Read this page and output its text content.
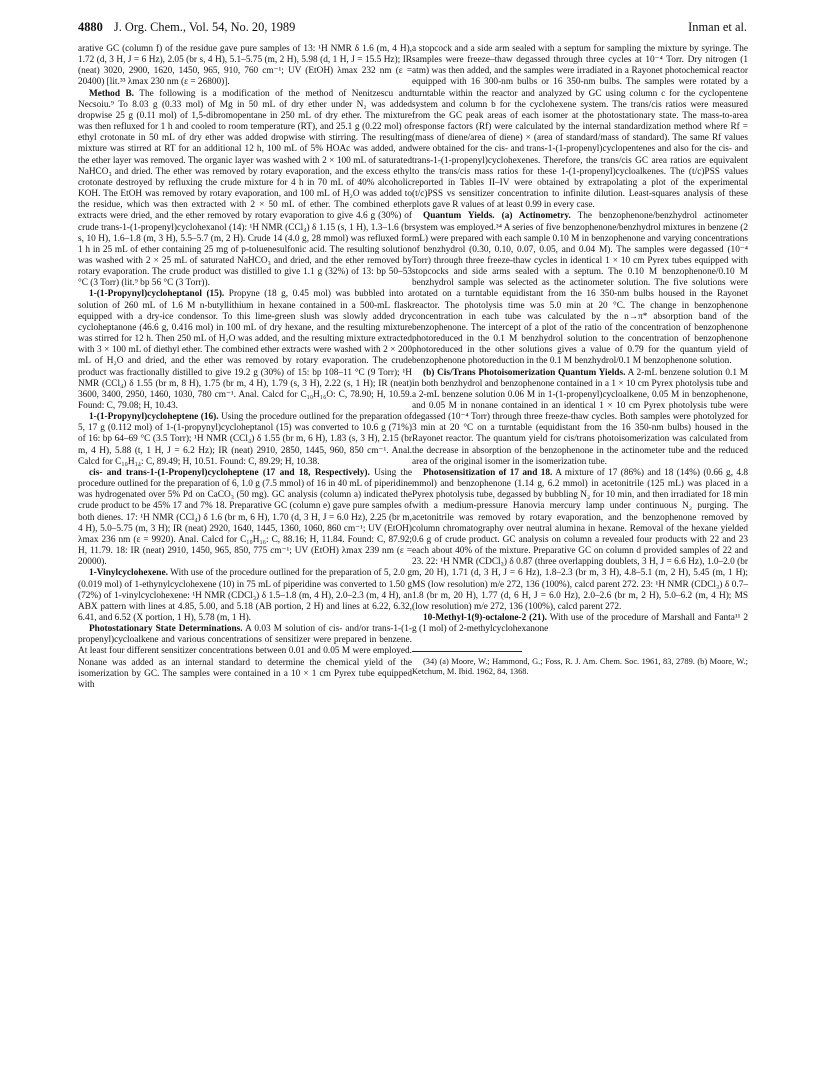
4880 J. Org. Chem., Vol. 54, No. 20, 1989	Inman et al.

arative GC (column f) of the residue gave pure samples of 13: ¹H NMR δ 1.6 (m, 4 H), 1.72 (d, 3 H, J = 6 Hz), 2.05 (br s, 4 H), 5.1–5.75 (m, 2 H), 5.98 (d, 1 H, J = 15.5 Hz); IR (neat) 3020, 2900, 1620, 1450, 965, 910, 760 cm⁻¹; UV (EtOH) λmax 232 nm (ε = 20400) [lit.³³ λmax 230 nm (ε = 26800)].

Method B. The following is a modification of the method of Nenitzescu and Necsoiu.⁹ To 8.03 g (0.33 mol) of Mg in 50 mL of dry ether under N₂ was added dropwise 25 g (0.11 mol) of 1,5-dibromopentane in 250 mL of dry ether. The mixture was then refluxed for 1 h and cooled to room temperature (RT), and 25.1 g (0.22 mol) of ethyl crotonate in 50 mL of dry ether was added dropwise with stirring. The resulting mixture was stirred at RT for an additional 12 h, 100 mL of 5% HOAc was added, and the ether layer was removed. The organic layer was washed with 2 × 100 mL of saturated NaHCO₃ and dried. The ether was removed by rotary evaporation, and the excess ethyl crotonate destroyed by refluxing the crude mixture for 4 h in 70 mL of 40% alcoholic KOH. The EtOH was removed by rotary evaporation, and 100 mL of H₂O was added to the residue, which was then extracted with 2 × 50 mL of ether. The combined ether extracts were dried, and the ether removed by rotary evaporation to give 4.6 g (30%) of crude trans-1-(1-propenyl)cyclohexanol (14): ¹H NMR (CCl₄) δ 1.15 (s, 1 H), 1.3–1.6 (br s, 10 H), 1.6–1.8 (m, 3 H), 5.5–5.7 (m, 2 H). Crude 14 (4.0 g, 28 mmol) was refluxed for 1 h in 25 mL of ether containing 25 mg of p-toluenesulfonic acid. The resulting solution was washed with 2 × 25 mL of saturated NaHCO₃ and dried, and the ether removed by rotary evaporation. The crude product was distilled to give 1.1 g (32%) of 13: bp 50–53 °C (3 Torr) (lit.⁹ bp 56 °C (3 Torr)).

1-(1-Propynyl)cycloheptanol (15). Propyne (18 g, 0.45 mol) was bubbled into a solution of 260 mL of 1.6 M n-butyllithium in hexane contained in a 500-mL flask equipped with a dry-ice condensor. To this lime-green slush was slowly added dry cycloheptanone (46.6 g, 0.416 mol) in 100 mL of dry hexane, and the resulting mixture was stirred for 12 h. Then 250 mL of H₂O was added, and the resulting mixture extracted with 3 × 100 mL of diethyl ether. The combined ether extracts were washed with 2 × 200 mL of H₂O and dried, and the ether was removed by rotary evaporation. The crude product was fractionally distilled to give 19.2 g (30%) of 15: bp 108–11 °C (9 Torr); ¹H NMR (CCl₄) δ 1.55 (br m, 8 H), 1.75 (br m, 4 H), 1.79 (s, 3 H), 2.22 (s, 1 H); IR (neat) 3600, 3400, 2950, 1460, 1030, 780 cm⁻¹. Anal. Calcd for C₁₀H₁₆O: C, 78.90; H, 10.59. Found: C, 79.08; H, 10.43.

1-(1-Propynyl)cycloheptene (16). Using the procedure outlined for the preparation of 5, 17 g (0.112 mol) of 1-(1-propynyl)cycloheptanol (15) was converted to 10.6 g (71%) of 16: bp 64–69 °C (3.5 Torr); ¹H NMR (CCl₄) δ 1.55 (br m, 6 H), 1.83 (s, 3 H), 2.15 (br m, 4 H), 5.88 (t, 1 H, J = 6.2 Hz); IR (neat) 2910, 2850, 1445, 960, 850 cm⁻¹. Anal. Calcd for C₁₀H₁₄: C, 89.49; H, 10.51. Found: C, 89.29; H, 10.38.

cis- and trans-1-(1-Propenyl)cycloheptene (17 and 18, Respectively). Using the procedure outlined for the preparation of 6, 1.0 g (7.5 mmol) of 16 in 40 mL of piperidine was hydrogenated over 5% Pd on CaCO₃ (50 mg). GC analysis (column a) indicated the crude product to be 45% 17 and 7% 18. Preparative GC (column e) gave pure samples of both dienes. 17: ¹H NMR (CCl₄) δ 1.6 (br m, 6 H), 1.70 (d, 3 H, J = 6.0 Hz), 2.25 (br m, 4 H), 5.0–5.75 (m, 3 H); IR (neat) 2920, 1640, 1445, 1360, 1060, 860 cm⁻¹; UV (EtOH) λmax 236 nm (ε = 9920). Anal. Calcd for C₁₀H₁₆: C, 88.16; H, 11.84. Found: C, 87.92; H, 11.79. 18: IR (neat) 2910, 1450, 965, 850, 775 cm⁻¹; UV (EtOH) λmax 239 nm (ε = 20000).

1-Vinylcyclohexene. With use of the procedure outlined for the preparation of 5, 2.0 g (0.019 mol) of 1-ethynylcyclohexene (10) in 75 mL of piperidine was converted to 1.50 g (72%) of 1-vinylcyclohexene: ¹H NMR (CDCl₃) δ 1.5–1.8 (m, 4 H), 2.0–2.3 (m, 4 H), an ABX pattern with lines at 4.85, 5.00, and 5.18 (AB portion, 2 H) and lines at 6.22, 6.32, 6.41, and 6.52 (X portion, 1 H), 5.78 (m, 1 H).

Photostationary State Determinations. A 0.03 M solution of cis- and/or trans-1-(1-propenyl)cycloalkene and various concentrations of sensitizer were prepared in benzene. At least four different sensitizer concentrations between 0.01 and 0.05 M were employed. Nonane was added as an internal standard to determine the chemical yield of the isomerization by GC. The samples were contained in a 10 × 1 cm Pyrex tube equipped with

a stopcock and a side arm sealed with a septum for sampling the mixture by syringe. The samples were freeze–thaw degassed through three cycles at 10⁻⁴ Torr. Dry nitrogen (1 atm) was then added, and the samples were irradiated in a Rayonet photochemical reactor equipped with 16 300-nm bulbs or 16 350-nm bulbs. The samples were rotated by a turntable within the reactor and analyzed by GC using column c for the cyclopentene system and column b for the cyclohexene system. The trans/cis ratios were measured from the GC peak areas of each isomer at the photostationary state. The mass-to-area response factors (Rf) were calculated by the internal standardization method where Rf = (mass of diene/area of diene) × (area of standard/mass of standard). The same Rf values were obtained for the cis- and trans-1-(1-propenyl)cyclopentenes and also for the cis- and trans-1-(1-propenyl)cyclohexenes. Therefore, the trans/cis GC area ratios are equivalent to the trans/cis mass ratios for these 1-(1-propenyl)cycloalkenes. The (t/c)PSS values reported in Tables II–IV were obtained by extrapolating a plot of the experimental (t/c)PSS vs sensitizer concentration to infinite dilution. Least-squares analysis of these plots gave R values of at least 0.99 in every case.

Quantum Yields. (a) Actinometry. The benzophenone/benzhydrol actinometer system was employed.³⁴ A series of five benzophenone/benzhydrol mixtures in benzene (2 mL) were prepared with each sample 0.10 M in benzophenone and varying concentrations of benzhydrol (0.30, 0.10, 0.07, 0.05, and 0.04 M). The samples were degassed (10⁻⁴ Torr) through three freeze-thaw cycles in identical 1 × 10 cm Pyrex tubes equipped with stopcocks and side arms sealed with a septum. The 0.10 M benzophenone/0.10 M benzhydrol sample was selected as the actinometer solution. The five solutions were rotated on a turntable equidistant from the 16 350-nm bulbs housed in the Rayonet reactor. The photolysis time was 5.0 min at 20 °C. The change in benzophenone concentration in each tube was calculated by the n→π* absorption band of the benzophenone. The intercept of a plot of the ratio of the concentration of benzophenone photoreduced in the 0.1 M benzhydrol solution to the concentration of benzophenone photoreduced in the other solutions gives a value of 0.79 for the quantum yield of benzophenone photoreduction in the 0.1 M benzhydrol/0.1 M benzophenone solution.

(b) Cis/Trans Photoisomerization Quantum Yields. A 2-mL benzene solution 0.1 M in both benzhydrol and benzophenone contained in a 1 × 10 cm Pyrex photolysis tube and a 2-mL benzene solution 0.06 M in 1-(1-propenyl)cycloalkene, 0.05 M in benzophenone, and 0.05 M in nonane contained in an identical 1 × 10 cm Pyrex photolysis tube were degassed (10⁻⁴ Torr) through three freeze-thaw cycles. Both samples were photolyzed for 3 min at 20 °C on a turntable (equidistant from the 16 350-nm bulbs) housed in the Rayonet reactor. The quantum yield for cis/trans photoisomerization was calculated from the decrease in absorption of the benzophenone in the actinometer tube and the reduced area of the original isomer in the isomerization tube.

Photosensitization of 17 and 18. A mixture of 17 (86%) and 18 (14%) (0.66 g, 4.8 mmol) and benzophenone (1.14 g, 6.2 mmol) in acetonitrile (125 mL) was placed in a Pyrex photolysis tube, degassed by bubbling N₂ for 10 min, and then irradiated for 18 min with a medium-pressure Hanovia mercury lamp under continuous N₂ purging. The acetonitrile was removed by rotary evaporation, and the benzophenone removed by column chromatography over neutral alumina in hexane. Removal of the hexane yielded 0.6 g of crude product. GC analysis on column a revealed four products with 22 and 23 each about 40% of the mixture. Preparative GC on column d provided samples of 22 and 23. 22: ¹H NMR (CDCl₃) δ 0.87 (three overlapping doublets, 3 H, J = 6.6 Hz), 1.0–2.0 (br m, 20 H), 1.71 (d, 3 H, J = 6 Hz), 1.8–2.3 (br m, 3 H), 4.8–5.1 (m, 2 H), 5.45 (m, 1 H); MS (low resolution) m/e 272, 136 (100%), calcd parent 272. 23: ¹H NMR (CDCl₃) δ 0.7–1.8 (br m, 20 H), 1.77 (d, 6 H, J = 6.0 Hz), 2.0–2.6 (br m, 2 H), 5.0–6.2 (m, 4 H); MS (low resolution) m/e 272, 136 (100%), calcd parent 272.

10-Methyl-1(9)-octalone-2 (21). With use of the procedure of Marshall and Fanta¹¹ 2 g (1 mol) of 2-methylcyclohexanone

(34) (a) Moore, W.; Hammond, G.; Foss, R. J. Am. Chem. Soc. 1961, 83, 2789. (b) Moore, W.; Ketchum, M. Ibid. 1962, 84, 1368.
